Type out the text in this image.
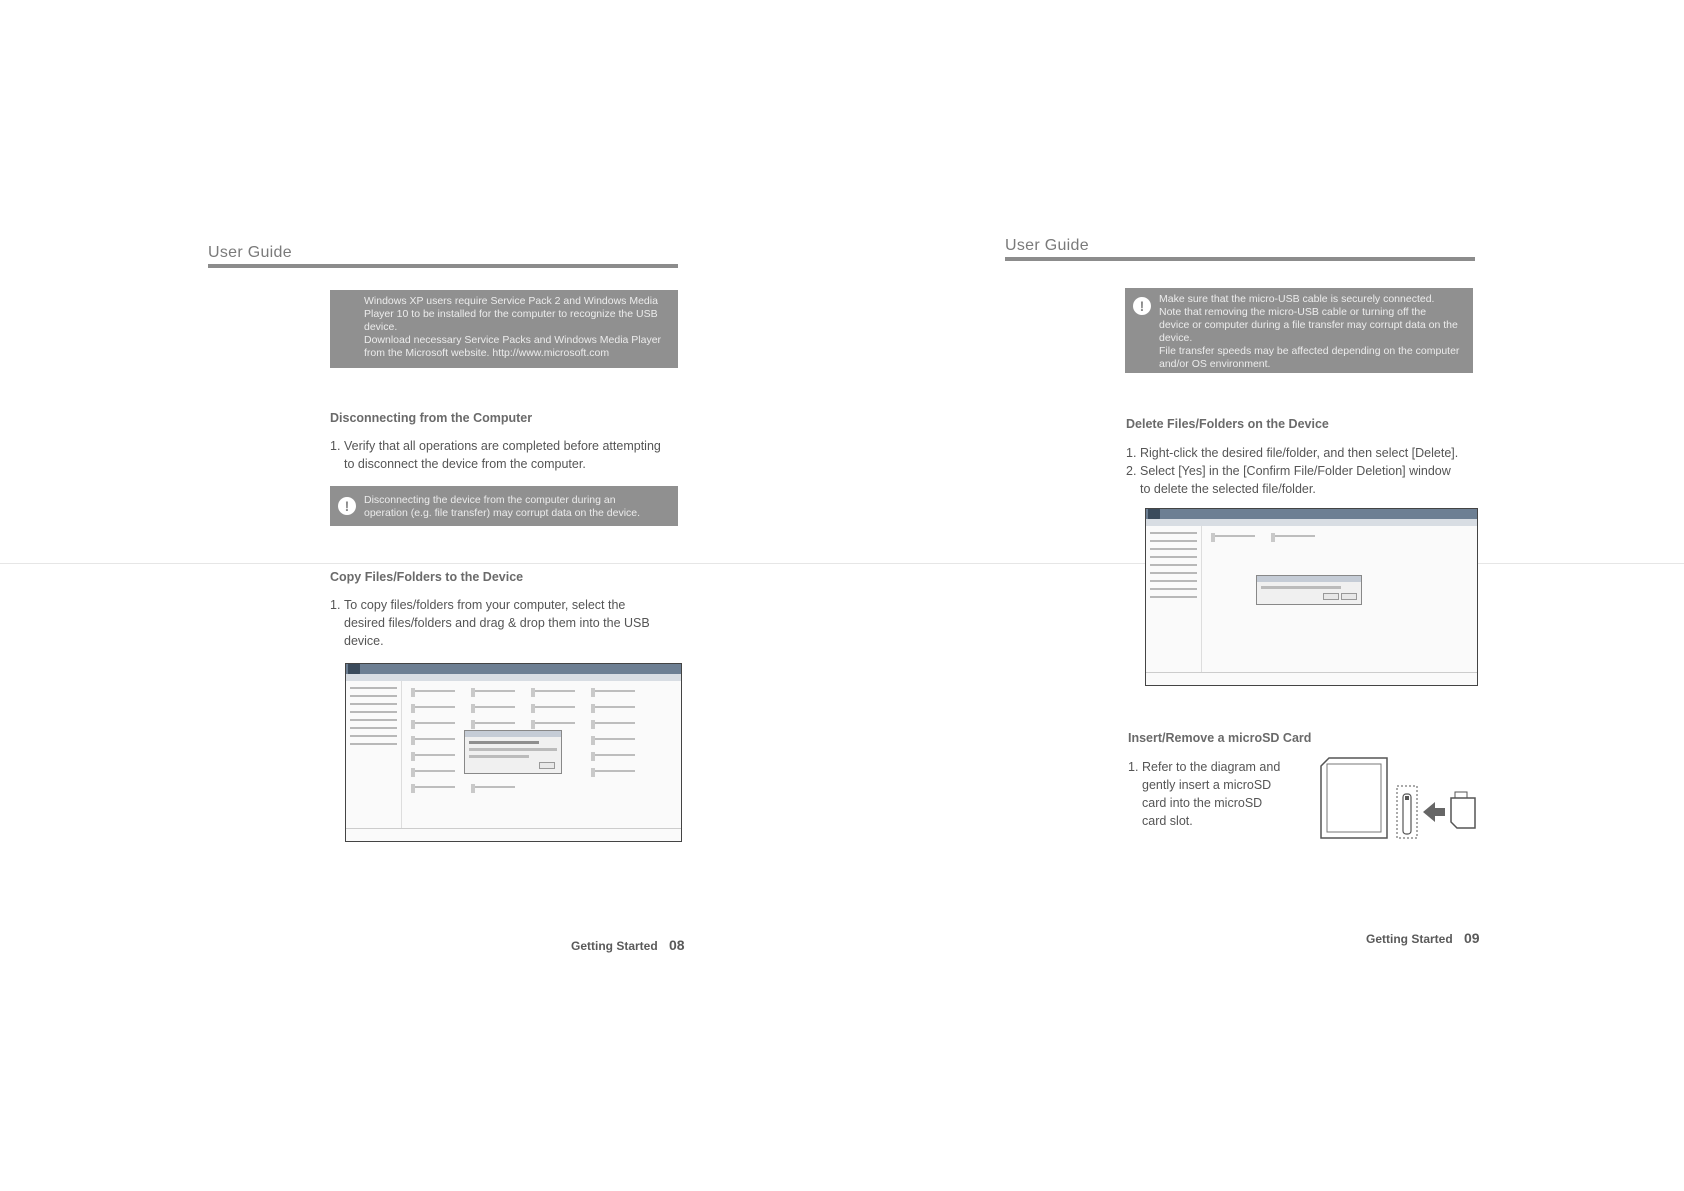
User Guide

Windows XP users require Service Pack 2 and Windows Media

Player 10 to be installed for the computer to recognize the USB

device.

Download necessary Service Packs and Windows Media Player

from the Microsoft website. http://www.microsoft.com

Disconnecting from the Computer
1. Verify that all operations are completed before attempting
to disconnect the device from the computer.
!	Disconnecting the device from the computer during an

operation (e.g. file transfer) may corrupt data on the device.

Copy Files/Folders to the Device
1. To copy files/folders from your computer, select the
desired files/folders and drag & drop them into the USB
device.
Getting Started 08
User Guide
!	Make sure that the micro-USB cable is securely connected.

Note that removing the micro-USB cable or turning off the

device or computer during a file transfer may corrupt data on the

device.

File transfer speeds may be affected depending on the computer

and/or OS environment.

Delete Files/Folders on the Device
1. Right-click the desired file/folder, and then select [Delete].
2. Select [Yes] in the [Confirm File/Folder Deletion] window
to delete the selected file/folder.
Insert/Remove a microSD Card
1. Refer to the diagram and
gently insert a microSD
card into the microSD
card slot.
Getting Started 09
